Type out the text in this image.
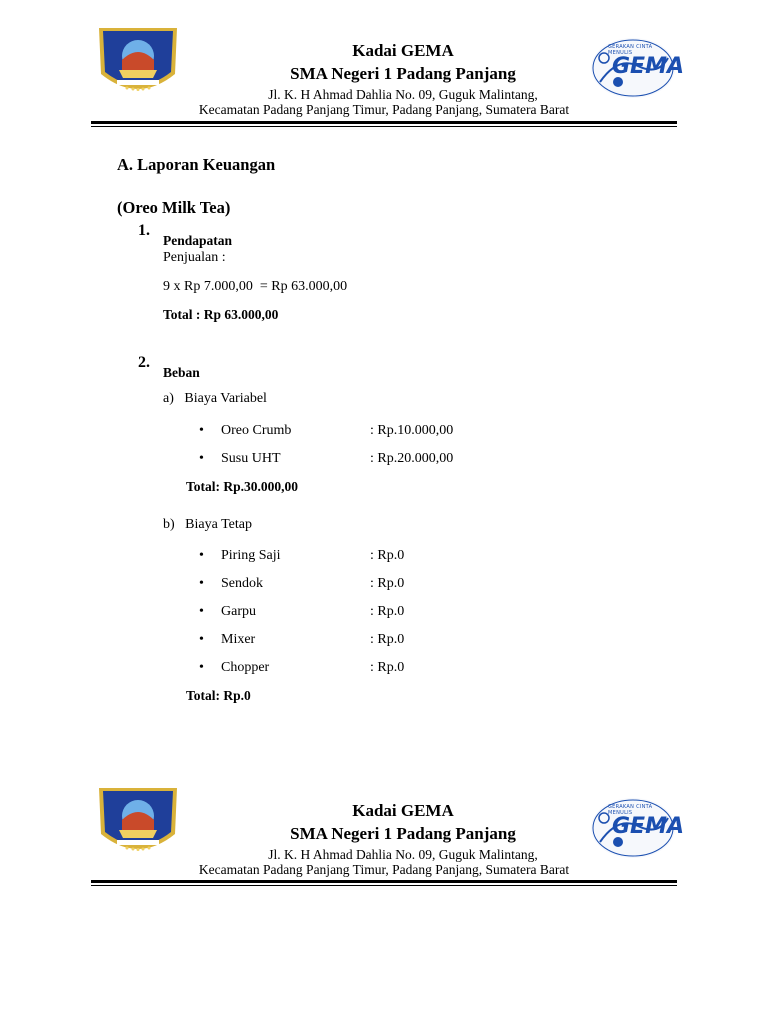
Kadai GEMA
SMA Negeri 1 Padang Panjang
Jl. K. H Ahmad Dahlia No. 09, Guguk Malintang,
Kecamatan Padang Panjang Timur, Padang Panjang, Sumatera Barat
GEMA
GERAKAN CINTA MENULIS
A. Laporan Keuangan
(Oreo Milk Tea)
1.
Pendapatan
Penjualan :
9 x Rp 7.000,00  = Rp 63.000,00
Total : Rp 63.000,00
2.
Beban
a)   Biaya Variabel
• Oreo Crumb	: Rp.10.000,00
• Susu UHT	: Rp.20.000,00
Total: Rp.30.000,00
b)   Biaya Tetap
• Piring Saji	: Rp.0
• Sendok	: Rp.0
• Garpu	: Rp.0
• Mixer	: Rp.0
• Chopper	: Rp.0
Total: Rp.0
Kadai GEMA
SMA Negeri 1 Padang Panjang
Jl. K. H Ahmad Dahlia No. 09, Guguk Malintang,
Kecamatan Padang Panjang Timur, Padang Panjang, Sumatera Barat
GEMA
GERAKAN CINTA MENULIS
